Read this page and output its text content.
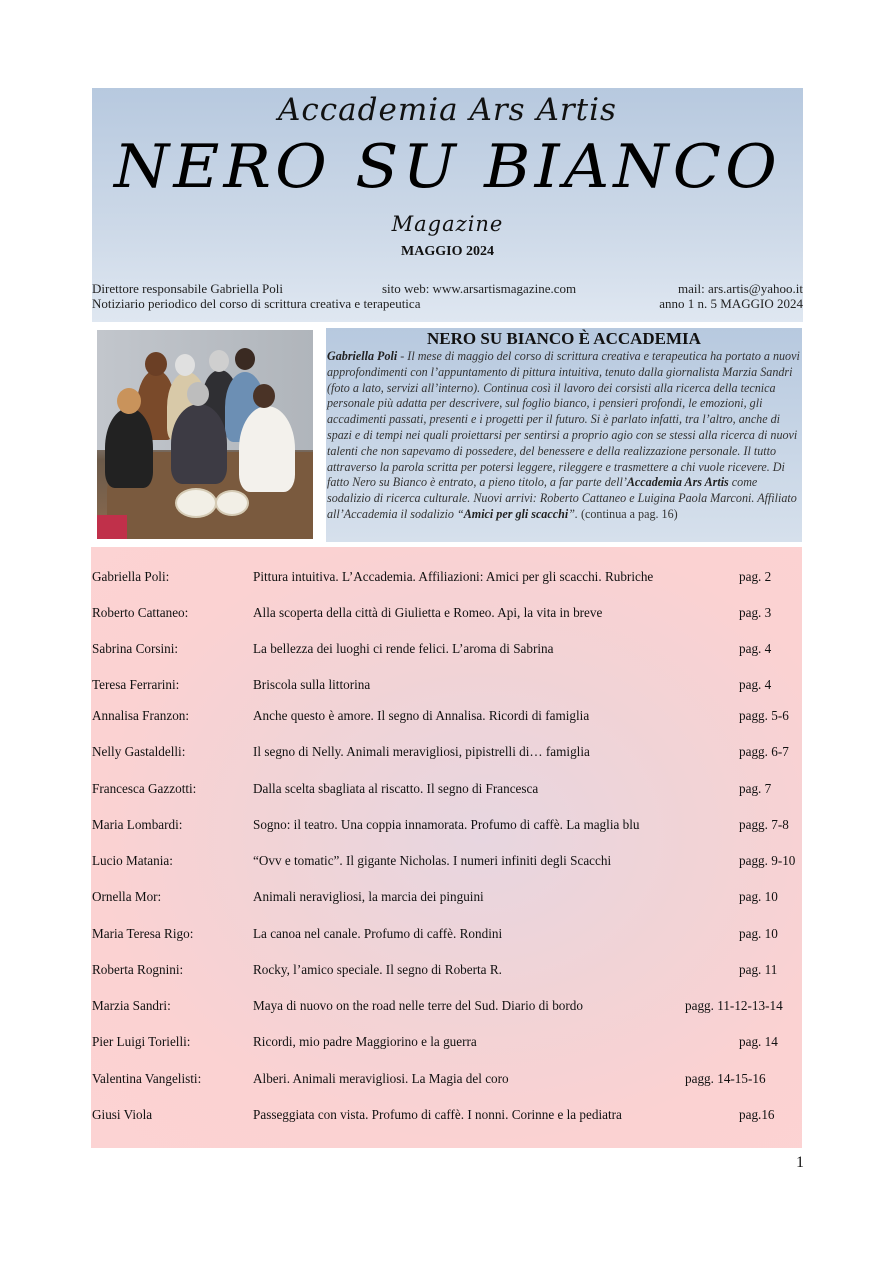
Accademia Ars Artis
NERO SU BIANCO
Magazine
MAGGIO 2024
Direttore responsabile Gabriella Poli	sito web: www.arsartismagazine.com	mail: ars.artis@yahoo.it
Notiziario periodico del corso di scrittura creativa e terapeutica	anno 1 n. 5 MAGGIO 2024
NERO SU BIANCO È ACCADEMIA
Gabriella Poli - Il mese di maggio del corso di scrittura creativa e terapeutica ha portato a nuovi approfondimenti con l’appuntamento di pittura intuitiva, tenuto dalla giornalista Marzia Sandri (foto a lato, servizi all’interno). Continua così il lavoro dei corsisti alla ricerca della tecnica personale più adatta per descrivere, sul foglio bianco, i pensieri profondi, le emozioni, gli accadimenti passati, presenti e i progetti per il futuro. Si è parlato infatti, tra l’altro, anche di spazi e di tempi nei quali proiettarsi per sentirsi a proprio agio con se stessi alla ricerca di nuovi talenti che non sapevamo di possedere, del benessere e della realizzazione personale. Il tutto attraverso la parola scritta per potersi leggere, rileggere e trasmettere a chi vuole ricevere. Di fatto Nero su Bianco è entrato, a pieno titolo, a far parte dell’Accademia Ars Artis come sodalizio di ricerca culturale. Nuovi arrivi: Roberto Cattaneo e Luigina Paola Marconi. Affiliato all’Accademia il sodalizio “Amici per gli scacchi”. (continua a pag. 16)
Gabriella Poli:	Pittura intuitiva. L’Accademia. Affiliazioni: Amici per gli scacchi. Rubriche	pag. 2
Roberto Cattaneo:	Alla scoperta della città di Giulietta e Romeo. Api, la vita in breve	pag. 3
Sabrina Corsini:	La bellezza dei luoghi ci rende felici. L’aroma di Sabrina	pag. 4
Teresa Ferrarini:	Briscola sulla littorina	pag. 4
Annalisa Franzon:	Anche questo è amore. Il segno di Annalisa. Ricordi di famiglia	pagg. 5-6
Nelly Gastaldelli:	Il segno di Nelly. Animali meravigliosi, pipistrelli di… famiglia	pagg. 6-7
Francesca Gazzotti:	Dalla scelta sbagliata al riscatto. Il segno di Francesca	pag. 7
Maria Lombardi:	Sogno: il teatro. Una coppia innamorata. Profumo di caffè. La maglia blu	pagg. 7-8
Lucio Matania:	“Ovv e tomatic”. Il gigante Nicholas. I numeri infiniti degli Scacchi	pagg. 9-10
Ornella Mor:	Animali neravigliosi, la marcia dei pinguini	pag. 10
Maria Teresa Rigo:	La canoa nel canale. Profumo di caffè. Rondini	pag. 10
Roberta Rognini:	Rocky, l’amico speciale. Il segno di Roberta R.	pag. 11
Marzia Sandri:	Maya di nuovo on the road nelle terre del Sud. Diario di bordo	pagg. 11-12-13-14
Pier Luigi Torielli:	Ricordi, mio padre Maggiorino e la guerra	pag. 14
Valentina Vangelisti:	Alberi. Animali meravigliosi. La Magia del coro	pagg. 14-15-16
Giusi Viola	Passeggiata con vista. Profumo di caffè. I nonni. Corinne e la pediatra	pag.16
1
